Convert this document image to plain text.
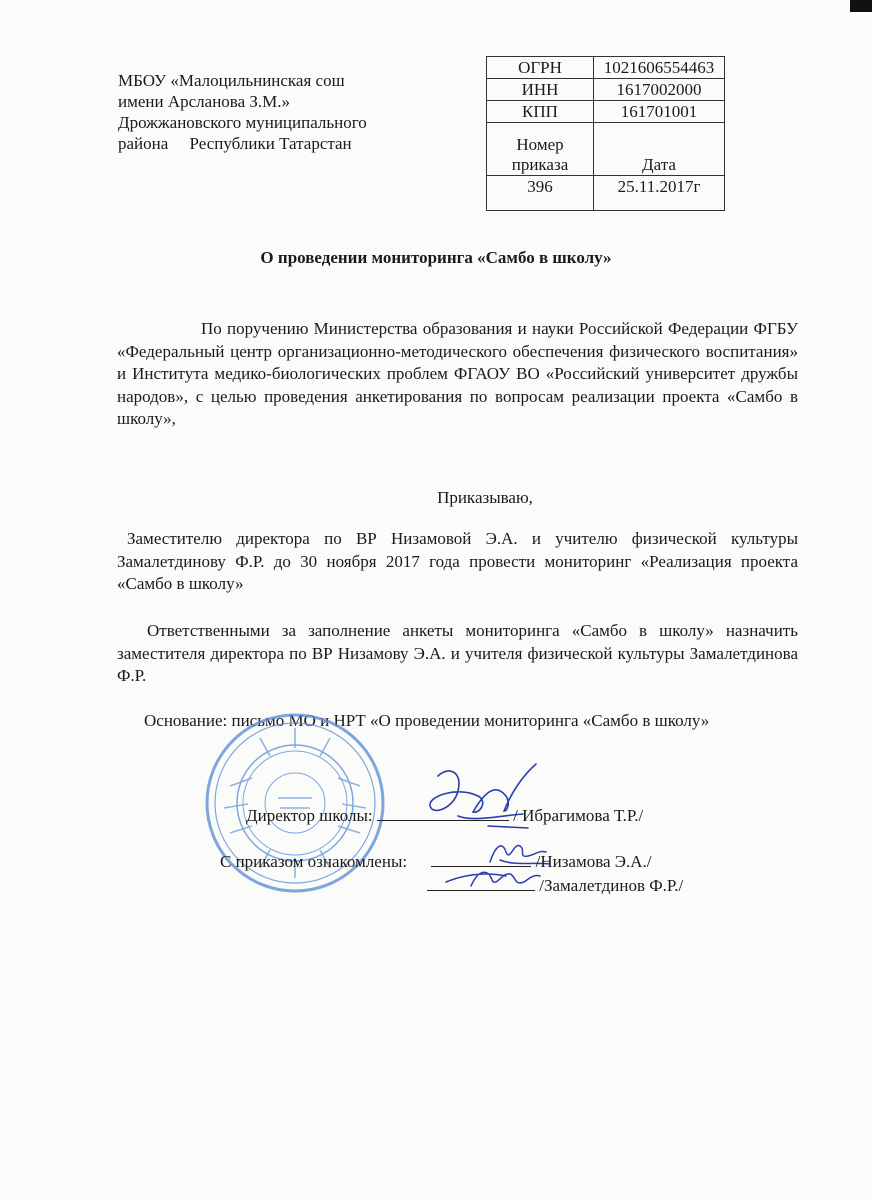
МБОУ «Малоцильнинская сош
имени Арсланова З.М.»
Дрожжановского муниципального
района     Республики Татарстан
ОГРН	1021606554463
ИНН	1617002000
КПП	161701001
Номер
приказа	Дата
396	25.11.2017г
О проведении мониторинга «Самбо в школу»
По поручению Министерства образования и науки Российской Федерации ФГБУ «Федеральный центр организационно-методического обеспечения физического воспитания» и Института медико-биологических проблем ФГАОУ ВО «Российский университет дружбы народов», с целью проведения анкетирования по вопросам реализации проекта «Самбо в школу»,
Приказываю,
Заместителю директора по ВР Низамовой Э.А. и учителю физической культуры Замалетдинову Ф.Р. до 30 ноября 2017 года провести мониторинг «Реализация проекта «Самбо в школу»
Ответственными за заполнение анкеты мониторинга «Самбо в школу» назначить заместителя директора по ВР Низамову Э.А. и учителя физической культуры Замалетдинова Ф.Р.
Основание: письмо МО и НРТ «О проведении мониторинга «Самбо в школу»
Директор школы:	/ Ибрагимова Т.Р./
С приказом ознакомлены:	/Низамова Э.А./
/Замалетдинов Ф.Р./
